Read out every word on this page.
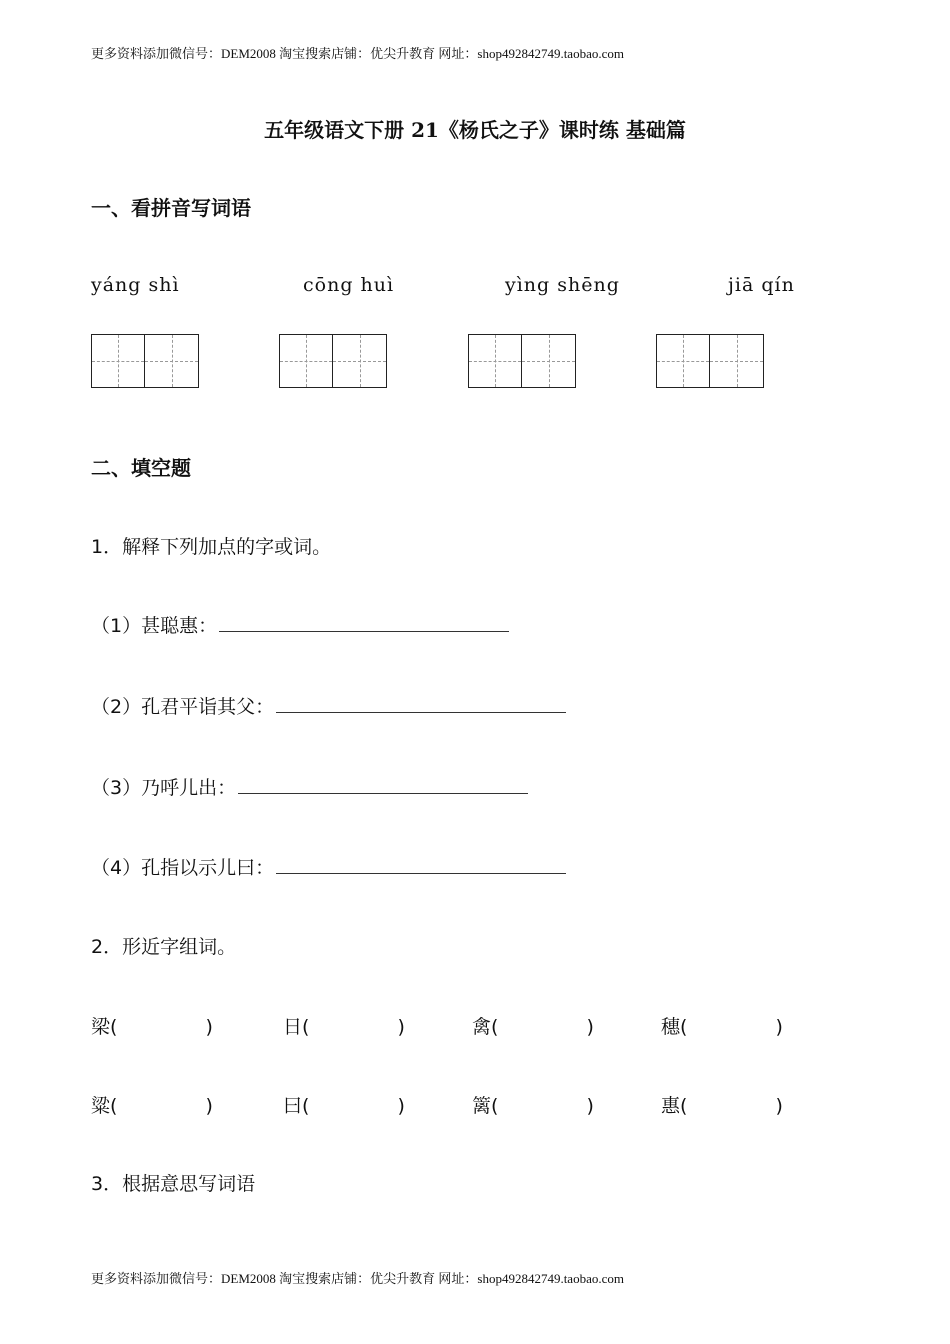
更多资料添加微信号：DEM2008 淘宝搜索店铺：优尖升教育 网址：shop492842749.taobao.com
五年级语文下册 21《杨氏之子》课时练 基础篇
一、看拼音写词语
yáng shì	cōng huì	yìng shēng	jiā qín
二、填空题
1．解释下列加点的字或词。
（1）甚聪惠：
（2）孔君平诣其父：
（3）乃呼儿出：
（4）孔指以示儿曰：
2．形近字组词。
梁(	)	日(	)	禽(	)	穗(	)
粱(	)	曰(	)	篱(	)	惠(	)
3．根据意思写词语
更多资料添加微信号：DEM2008 淘宝搜索店铺：优尖升教育 网址：shop492842749.taobao.com
